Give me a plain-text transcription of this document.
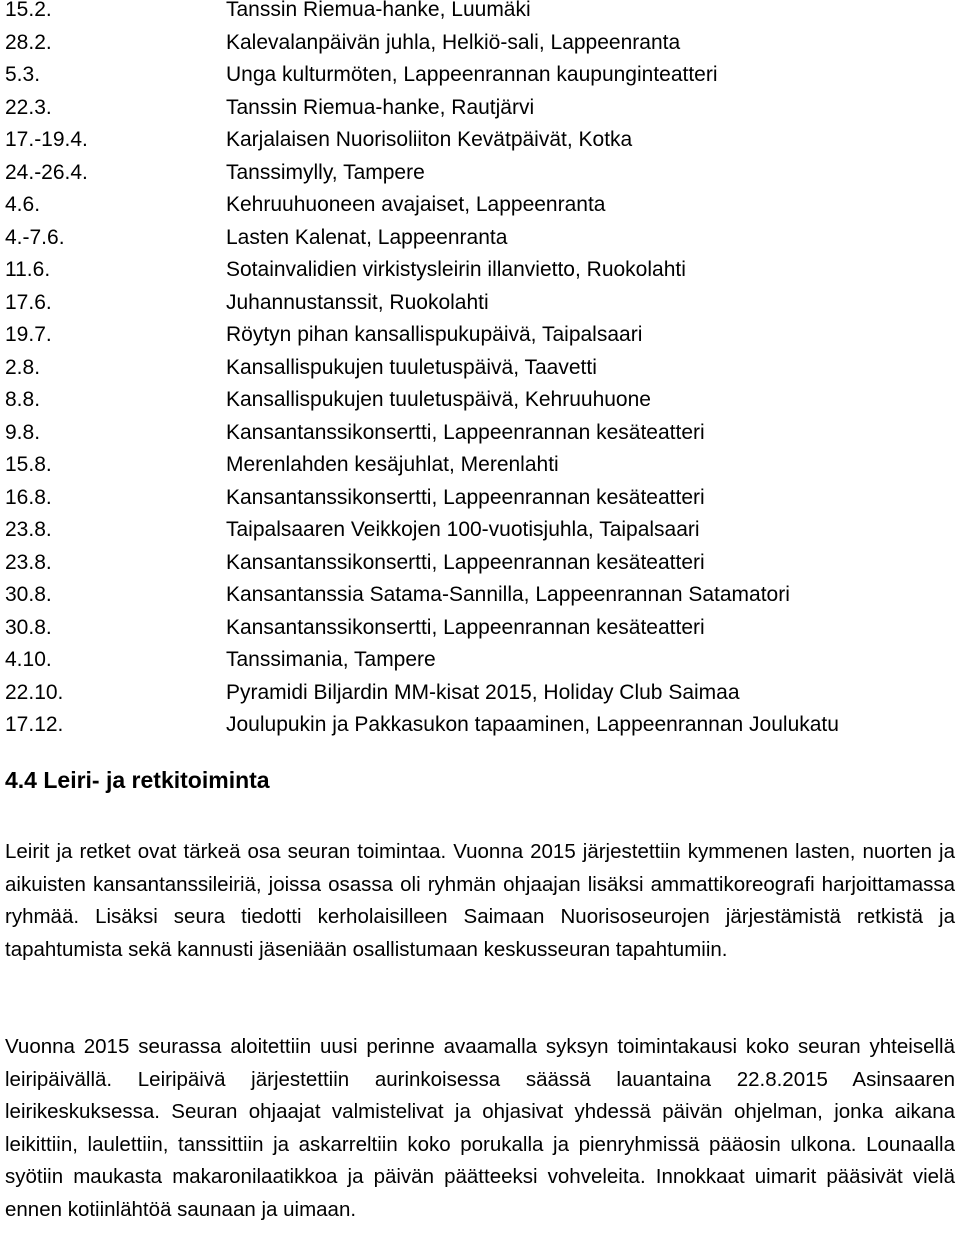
15.2.	Tanssin Riemua-hanke, Luumäki
28.2.	Kalevalanpäivän juhla, Helkiö-sali, Lappeenranta
5.3.	Unga kulturmöten, Lappeenrannan kaupunginteatteri
22.3.	Tanssin Riemua-hanke, Rautjärvi
17.-19.4.	Karjalaisen Nuorisoliiton Kevätpäivät, Kotka
24.-26.4.	Tanssimylly, Tampere
4.6.	Kehruuhuoneen avajaiset, Lappeenranta
4.-7.6.	Lasten Kalenat, Lappeenranta
11.6.	Sotainvalidien virkistysleirin illanvietto, Ruokolahti
17.6.	Juhannustanssit, Ruokolahti
19.7.	Röytyn pihan kansallispukupäivä, Taipalsaari
2.8.	Kansallispukujen tuuletuspäivä, Taavetti
8.8.	Kansallispukujen tuuletuspäivä, Kehruuhuone
9.8.	Kansantanssikonsertti, Lappeenrannan kesäteatteri
15.8.	Merenlahden kesäjuhlat, Merenlahti
16.8.	Kansantanssikonsertti, Lappeenrannan kesäteatteri
23.8.	Taipalsaaren Veikkojen 100-vuotisjuhla, Taipalsaari
23.8.	Kansantanssikonsertti, Lappeenrannan kesäteatteri
30.8.	Kansantanssia Satama-Sannilla, Lappeenrannan Satamatori
30.8.	Kansantanssikonsertti, Lappeenrannan kesäteatteri
4.10.	Tanssimania, Tampere
22.10.	Pyramidi Biljardin MM-kisat 2015, Holiday Club Saimaa
17.12.	Joulupukin ja Pakkasukon tapaaminen, Lappeenrannan Joulukatu
4.4 Leiri- ja retkitoiminta

Leirit ja retket ovat tärkeä osa seuran toimintaa. Vuonna 2015 järjestettiin kymmenen lasten, nuorten ja aikuisten kansantanssileiriä, joissa osassa oli ryhmän ohjaajan lisäksi ammattikoreografi harjoittamassa ryhmää. Lisäksi seura tiedotti kerholaisilleen Saimaan Nuorisoseurojen järjestämistä retkistä ja tapahtumista sekä kannusti jäseniään osallistumaan keskusseuran tapahtumiin.

Vuonna 2015 seurassa aloitettiin uusi perinne avaamalla syksyn toimintakausi koko seuran yhteisellä leiripäivällä. Leiripäivä järjestettiin aurinkoisessa säässä lauantaina 22.8.2015 Asinsaaren leirikeskuksessa. Seuran ohjaajat valmistelivat ja ohjasivat yhdessä päivän ohjelman, jonka aikana leikittiin, laulettiin, tanssittiin ja askarreltiin koko porukalla ja pienryhmissä pääosin ulkona. Lounaalla syötiin maukasta makaronilaatikkoa ja päivän päätteeksi vohveleita. Innokkaat uimarit pääsivät vielä ennen kotiinlähtöä saunaan ja uimaan.
